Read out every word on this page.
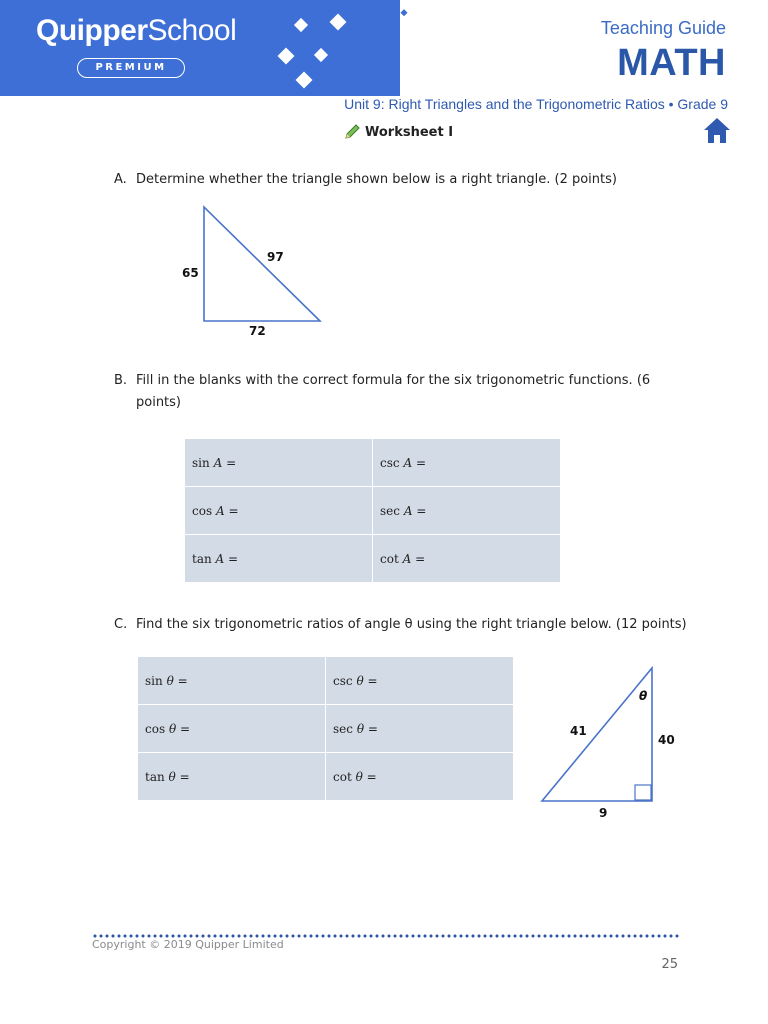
QuipperSchool
PREMIUM
Teaching Guide
MATH
Unit 9: Right Triangles and the Trigonometric Ratios • Grade 9
Worksheet I
A. Determine whether the triangle shown below is a right triangle. (2 points)
65
97
72
B. Fill in the blanks with the correct formula for the six trigonometric functions. (6
points)
sin A =	csc A =
cos A =	sec A =
tan A =	cot A =
C. Find the six trigonometric ratios of angle θ using the right triangle below. (12 points)
sin θ =	csc θ =
cos θ =	sec θ =
tan θ =	cot θ =
θ
41
40
9
Copyright © 2019 Quipper Limited
25
